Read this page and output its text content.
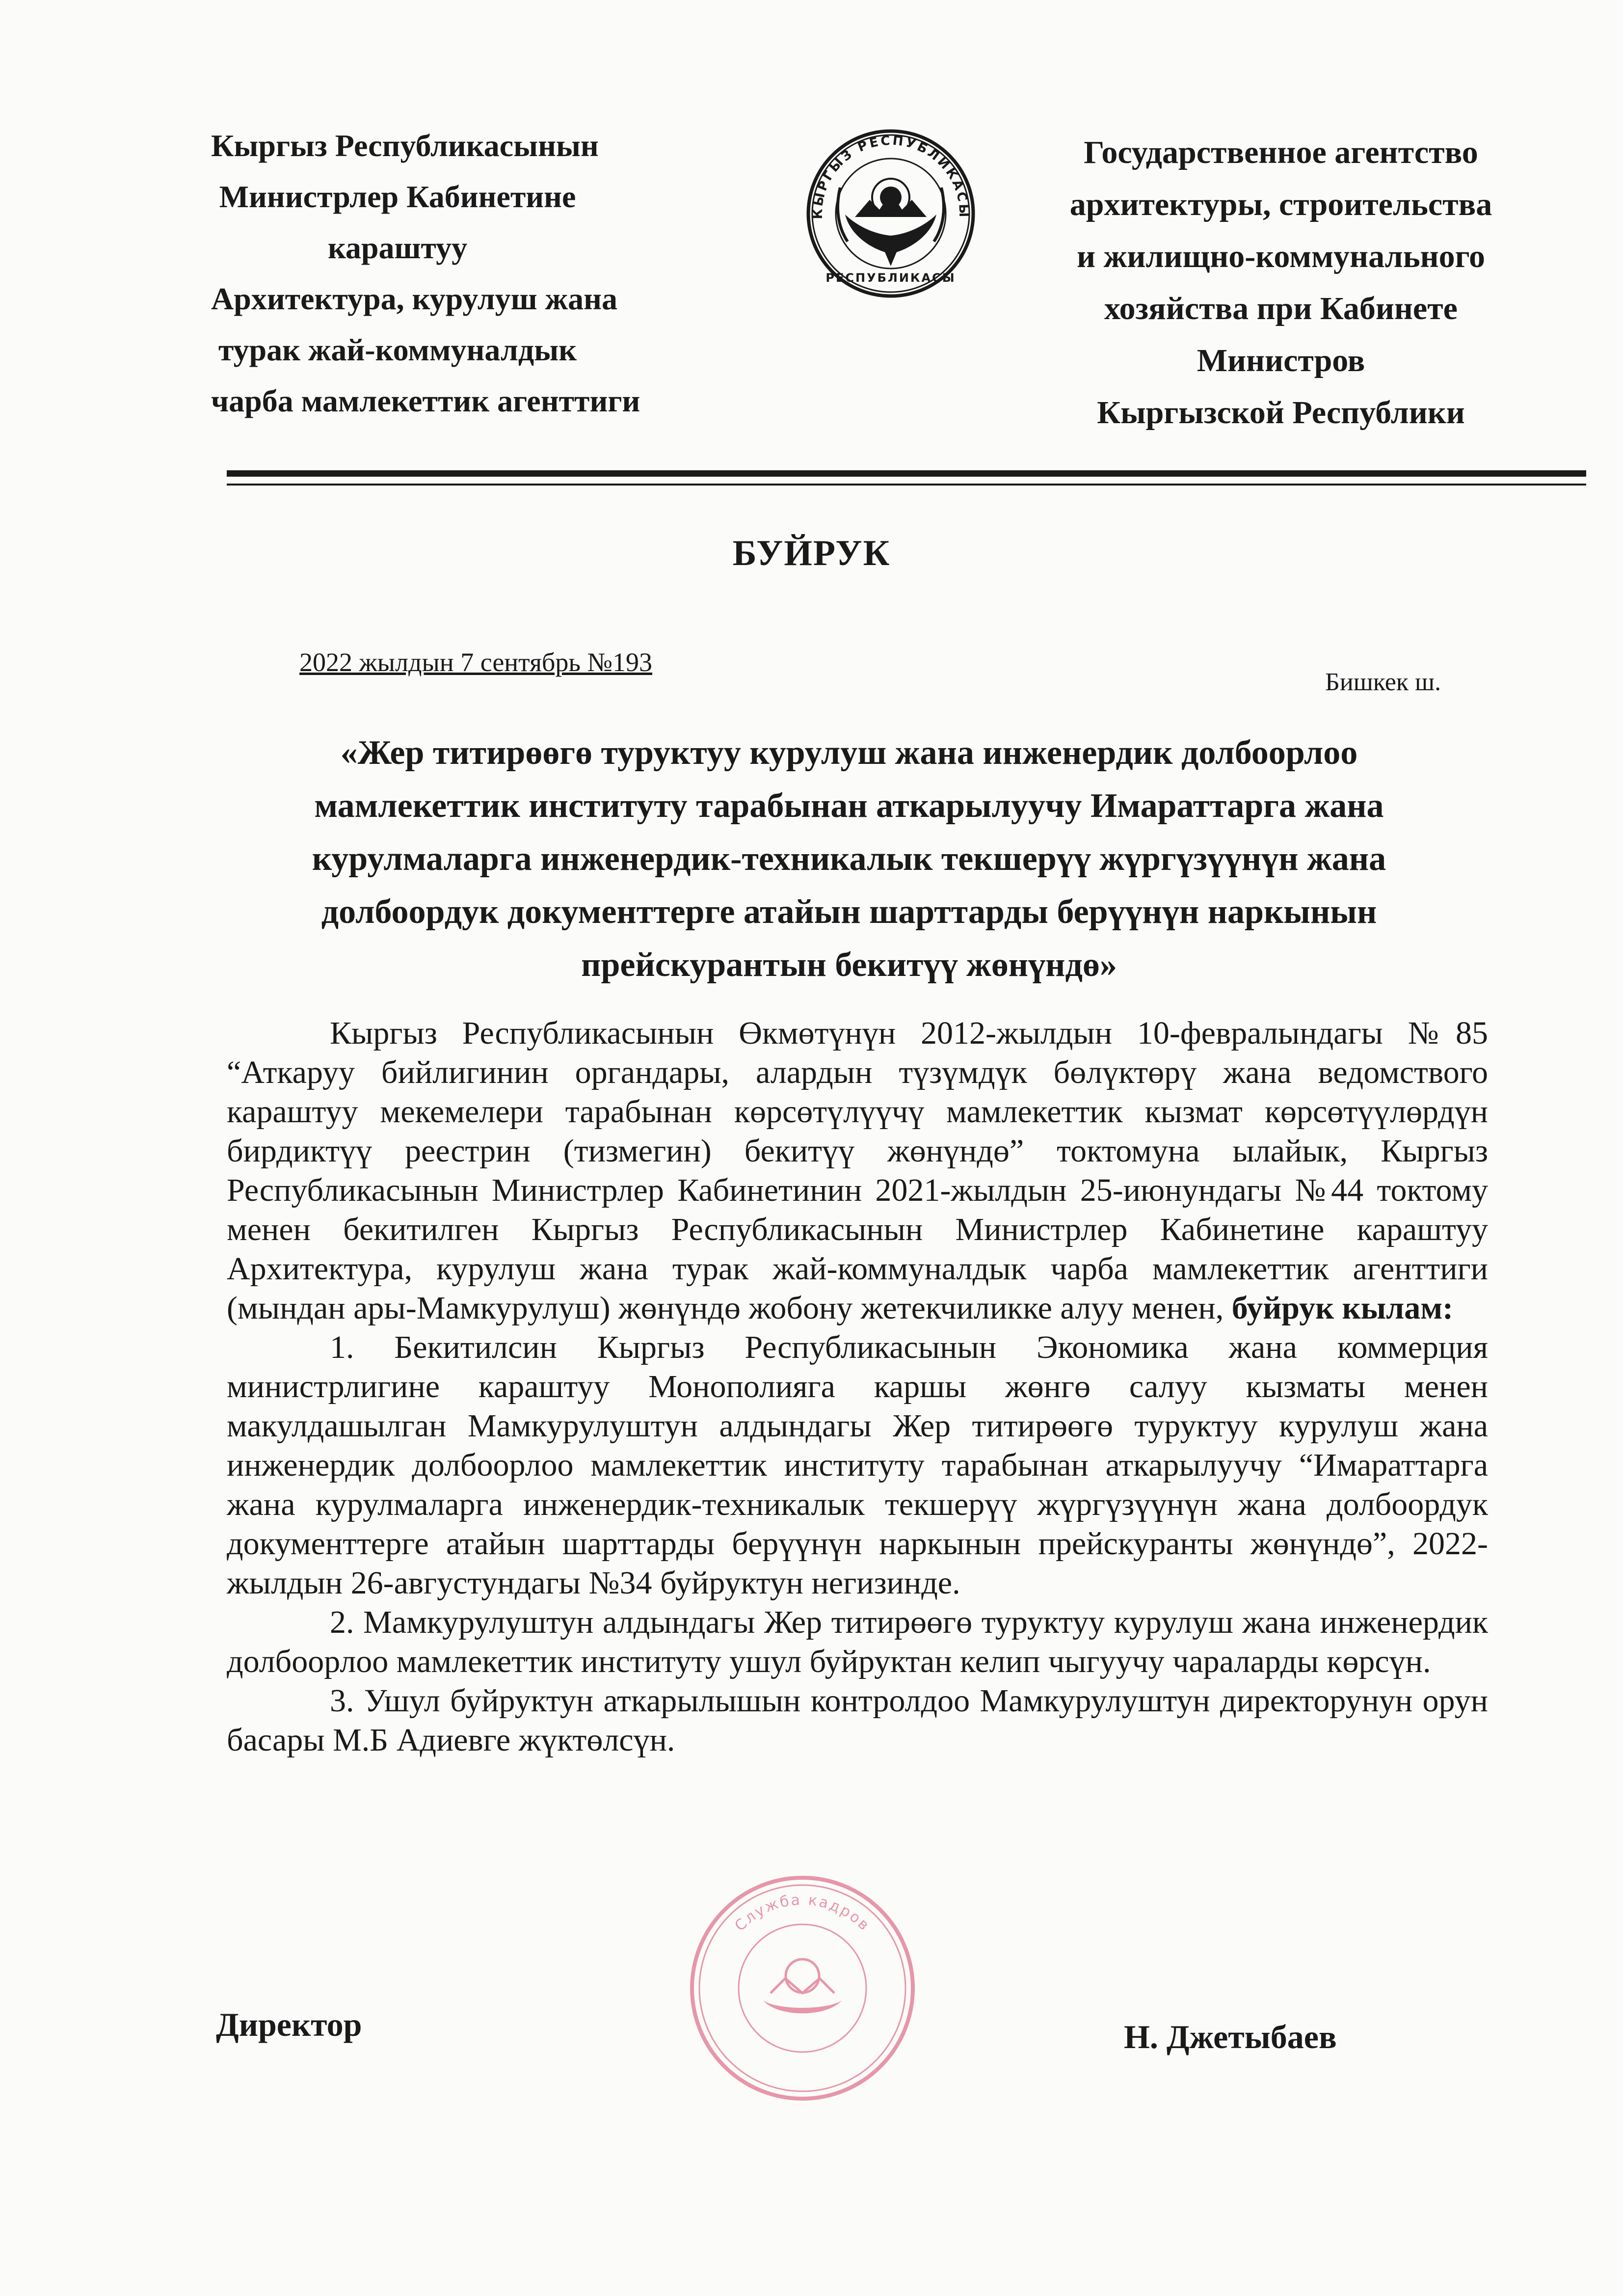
Кыргыз Республикасынын
Министрлер Кабинетине
караштуу
Архитектура, курулуш жана
турак жай-коммуналдык
чарба мамлекеттик агенттиги
КЫРГЫЗ РЕСПУБЛИКАСЫ
РЕСПУБЛИКАСЫ
Государственное агентство
архитектуры, строительства
и жилищно-коммунального
хозяйства при Кабинете
Министров
Кыргызской Республики
БУЙРУК
2022 жылдын 7 сентябрь №193
Бишкек ш.
«Жер титирөөгө туруктуу курулуш жана инженердик долбоорлоо
мамлекеттик институту тарабынан аткарылуучу Имараттарга жана
курулмаларга инженердик-техникалык текшерүү жүргүзүүнүн жана
долбоордук документтерге атайын шарттарды берүүнүн наркынын
прейскурантын бекитүү жөнүндө»

Кыргыз Республикасынын Өкмөтүнүн 2012-жылдын 10-февралындагы №85 “Аткаруу бийлигинин органдары, алардын түзүмдүк бөлүктөрү жана ведомствого караштуу мекемелери тарабынан көрсөтүлүүчү мамлекеттик кызмат көрсөтүүлөрдүн бирдиктүү реестрин (тизмегин) бекитүү жөнүндө” токтомуна ылайык, Кыргыз Республикасынын Министрлер Кабинетинин 2021-жылдын 25-июнундагы №44 токтому менен бекитилген Кыргыз Республикасынын Министрлер Кабинетине караштуу Архитектура, курулуш жана турак жай-коммуналдык чарба мамлекеттик агенттиги (мындан ары-Мамкурулуш) жөнүндө жобону жетекчиликке алуу менен, буйрук кылам:

1. Бекитилсин Кыргыз Республикасынын Экономика жана коммерция министрлигине караштуу Монополияга каршы жөнгө салуу кызматы менен макулдашылган Мамкурулуштун алдындагы Жер титирөөгө туруктуу курулуш жана инженердик долбоорлоо мамлекеттик институту тарабынан аткарылуучу “Имараттарга жана курулмаларга инженердик-техникалык текшерүү жүргүзүүнүн жана долбоордук документтерге атайын шарттарды берүүнүн наркынын прейскуранты жөнүндө”, 2022-жылдын 26-августундагы №34 буйруктун негизинде.

2. Мамкурулуштун алдындагы Жер титирөөгө туруктуу курулуш жана инженердик долбоорлоо мамлекеттик институту ушул буйруктан келип чыгуучу чараларды көрсүн.

3. Ушул буйруктун аткарылышын контролдоо Мамкурулуштун директорунун орун басары М.Б Адиевге жүктөлсүн.

Служба кадров
Директор	Н. Джетыбаев
